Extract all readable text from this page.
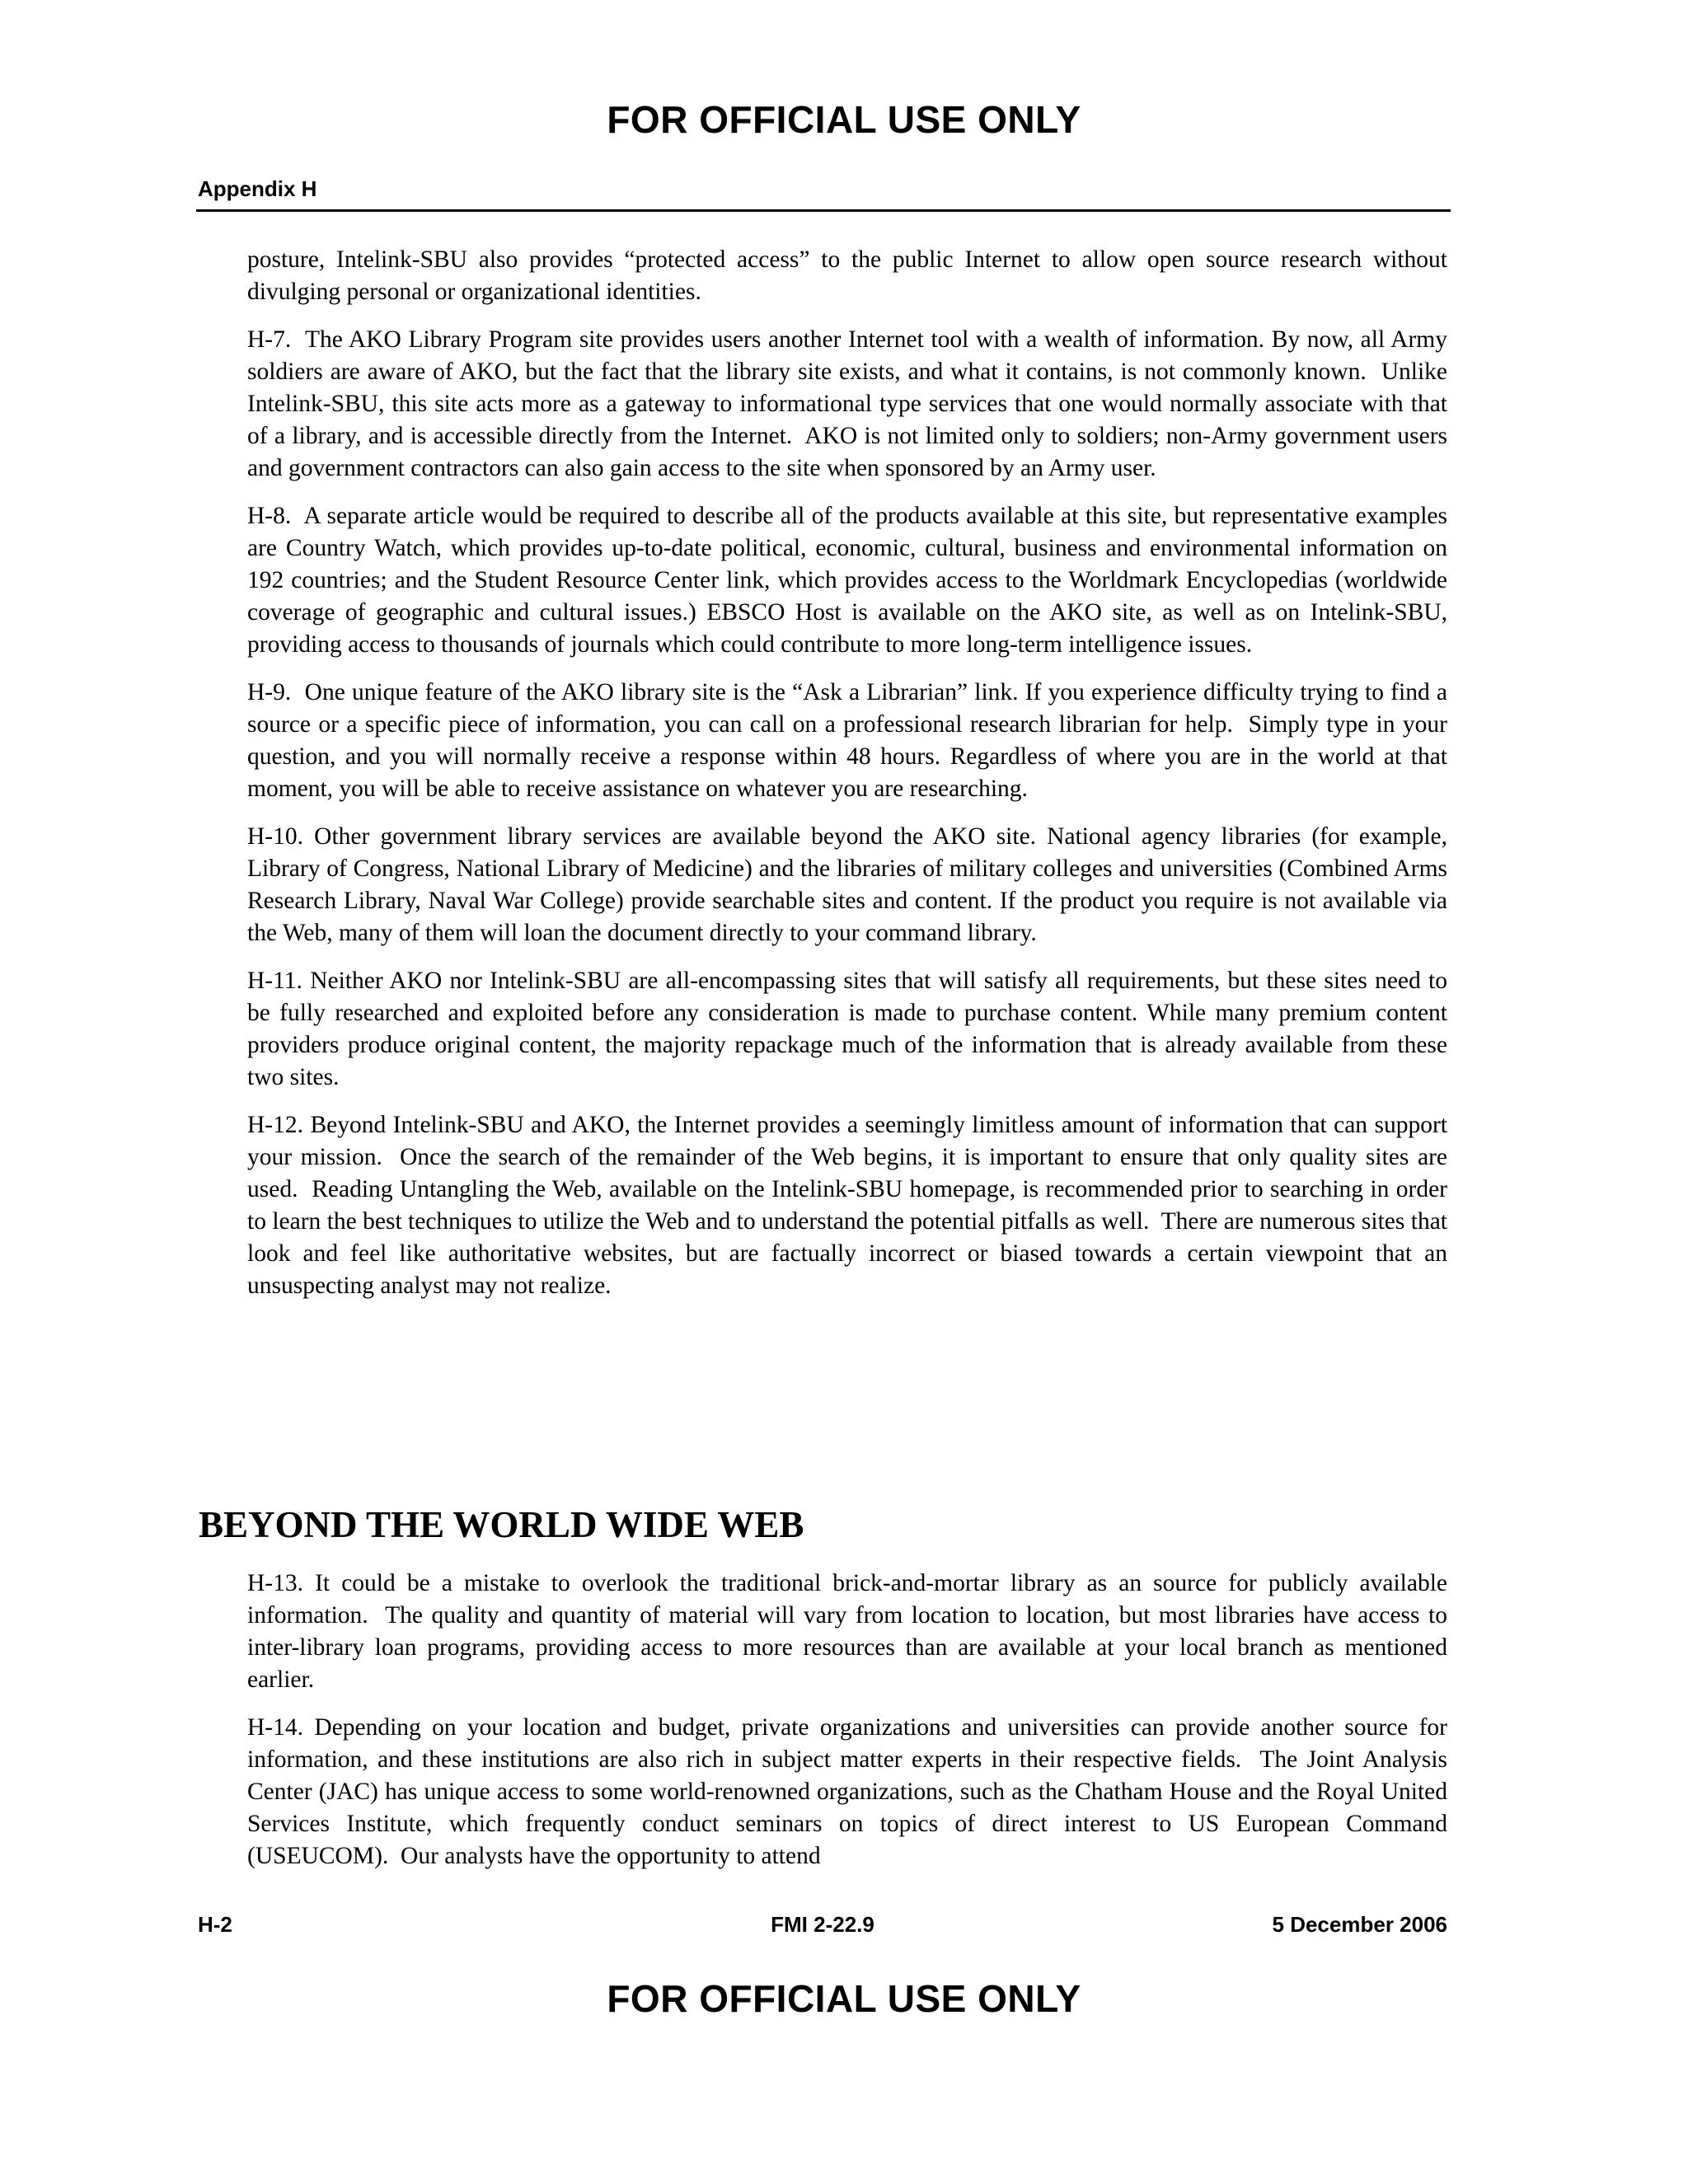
FOR OFFICIAL USE ONLY
Appendix H

posture, Intelink-SBU also provides “protected access” to the public Internet to allow open source research without divulging personal or organizational identities.

H-7.  The AKO Library Program site provides users another Internet tool with a wealth of information. By now, all Army soldiers are aware of AKO, but the fact that the library site exists, and what it contains, is not commonly known.  Unlike Intelink-SBU, this site acts more as a gateway to informational type services that one would normally associate with that of a library, and is accessible directly from the Internet.  AKO is not limited only to soldiers; non-Army government users and government contractors can also gain access to the site when sponsored by an Army user.

H-8.  A separate article would be required to describe all of the products available at this site, but representative examples are Country Watch, which provides up-to-date political, economic, cultural, business and environmental information on 192 countries; and the Student Resource Center link, which provides access to the Worldmark Encyclopedias (worldwide coverage of geographic and cultural issues.) EBSCO Host is available on the AKO site, as well as on Intelink-SBU, providing access to thousands of journals which could contribute to more long-term intelligence issues.

H-9.  One unique feature of the AKO library site is the “Ask a Librarian” link. If you experience difficulty trying to find a source or a specific piece of information, you can call on a professional research librarian for help.  Simply type in your question, and you will normally receive a response within 48 hours. Regardless of where you are in the world at that moment, you will be able to receive assistance on whatever you are researching.

H-10. Other government library services are available beyond the AKO site. National agency libraries (for example, Library of Congress, National Library of Medicine) and the libraries of military colleges and universities (Combined Arms Research Library, Naval War College) provide searchable sites and content. If the product you require is not available via the Web, many of them will loan the document directly to your command library.

H-11. Neither AKO nor Intelink-SBU are all-encompassing sites that will satisfy all requirements, but these sites need to be fully researched and exploited before any consideration is made to purchase content. While many premium content providers produce original content, the majority repackage much of the information that is already available from these two sites.

H-12. Beyond Intelink-SBU and AKO, the Internet provides a seemingly limitless amount of information that can support your mission.  Once the search of the remainder of the Web begins, it is important to ensure that only quality sites are used.  Reading Untangling the Web, available on the Intelink-SBU homepage, is recommended prior to searching in order to learn the best techniques to utilize the Web and to understand the potential pitfalls as well.  There are numerous sites that look and feel like authoritative websites, but are factually incorrect or biased towards a certain viewpoint that an unsuspecting analyst may not realize.

BEYOND THE WORLD WIDE WEB

H-13. It could be a mistake to overlook the traditional brick-and-mortar library as an source for publicly available information.  The quality and quantity of material will vary from location to location, but most libraries have access to inter-library loan programs, providing access to more resources than are available at your local branch as mentioned earlier.

H-14. Depending on your location and budget, private organizations and universities can provide another source for information, and these institutions are also rich in subject matter experts in their respective fields.  The Joint Analysis Center (JAC) has unique access to some world-renowned organizations, such as the Chatham House and the Royal United Services Institute, which frequently conduct seminars on topics of direct interest to US European Command (USEUCOM).  Our analysts have the opportunity to attend

H-2	FMI 2-22.9	5 December 2006
FOR OFFICIAL USE ONLY
